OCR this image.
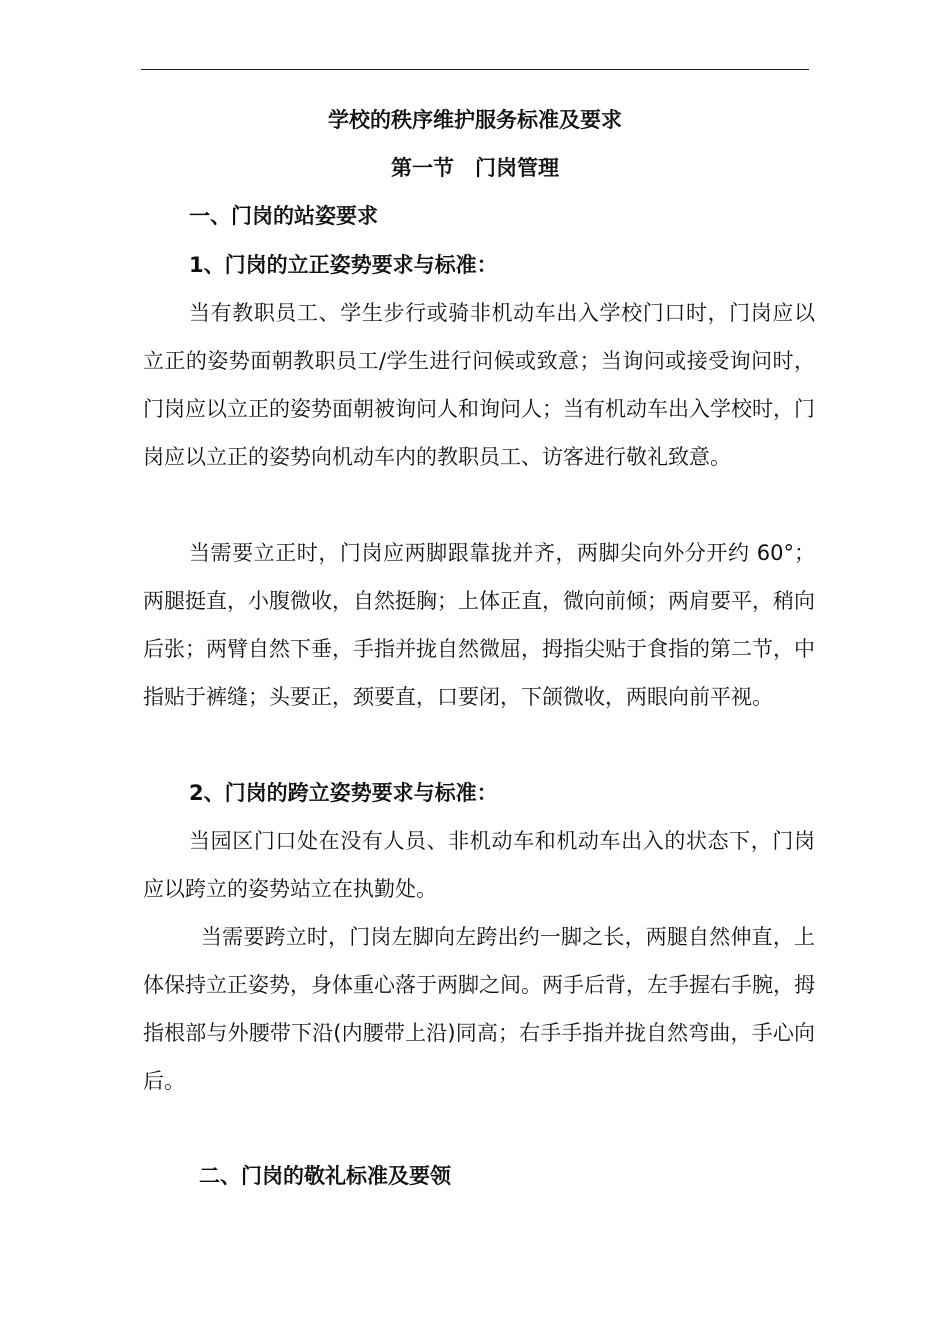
学校的秩序维护服务标准及要求
第一节　门岗管理
一、门岗的站姿要求
1、门岗的立正姿势要求与标准：

当有教职员工、学生步行或骑非机动车出入学校门口时，门岗应以立正的姿势面朝教职员工/学生进行问候或致意；当询问或接受询问时，门岗应以立正的姿势面朝被询问人和询问人；当有机动车出入学校时，门岗应以立正的姿势向机动车内的教职员工、访客进行敬礼致意。

当需要立正时，门岗应两脚跟靠拢并齐，两脚尖向外分开约 60°；两腿挺直，小腹微收，自然挺胸；上体正直，微向前倾；两肩要平，稍向后张；两臂自然下垂，手指并拢自然微屈，拇指尖贴于食指的第二节，中指贴于裤缝；头要正，颈要直，口要闭，下颌微收，两眼向前平视。

2、门岗的跨立姿势要求与标准：

当园区门口处在没有人员、非机动车和机动车出入的状态下，门岗应以跨立的姿势站立在执勤处。

当需要跨立时，门岗左脚向左跨出约一脚之长，两腿自然伸直，上体保持立正姿势，身体重心落于两脚之间。两手后背，左手握右手腕，拇指根部与外腰带下沿(内腰带上沿)同高；右手手指并拢自然弯曲，手心向后。

二、门岗的敬礼标准及要领
